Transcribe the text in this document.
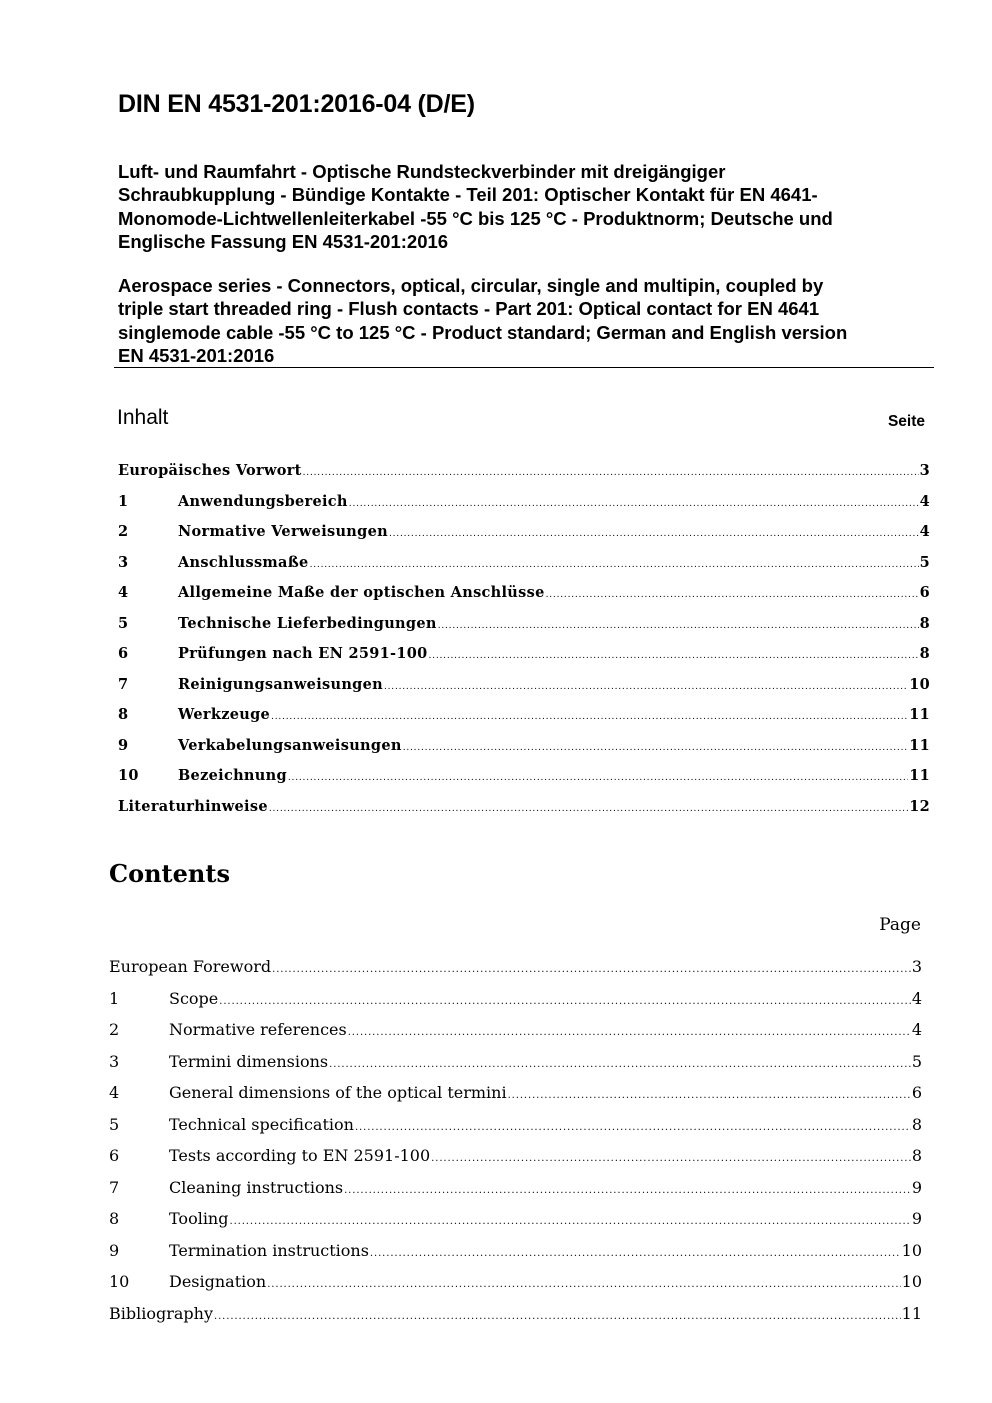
DIN EN 4531-201:2016-04 (D/E)

Luft- und Raumfahrt - Optische Rundsteckverbinder mit dreigängiger
Schraubkupplung - Bündige Kontakte - Teil 201: Optischer Kontakt für EN 4641-
Monomode-Lichtwellenleiterkabel -55 °C bis 125 °C - Produktnorm; Deutsche und
Englische Fassung EN 4531-201:2016

Aerospace series - Connectors, optical, circular, single and multipin, coupled by
triple start threaded ring - Flush contacts - Part 201: Optical contact for EN 4641
singlemode cable -55 °C to 125 °C - Product standard; German and English version
EN 4531-201:2016

Inhalt	Seite
Europäisches Vorwort .....	3
1	Anwendungsbereich .....	4
2	Normative Verweisungen .....	4
3	Anschlussmaße .....	5
4	Allgemeine Maße der optischen Anschlüsse .....	6
5	Technische Lieferbedingungen .....	8
6	Prüfungen nach EN 2591-100 .....	8
7	Reinigungsanweisungen .....	10
8	Werkzeuge .....	11
9	Verkabelungsanweisungen .....	11
10	Bezeichnung .....	11
Literaturhinweise .....	12
Contents
Page
European Foreword .....	3
1	Scope .....	4
2	Normative references .....	4
3	Termini dimensions .....	5
4	General dimensions of the optical termini .....	6
5	Technical specification .....	8
6	Tests according to EN 2591-100 .....	8
7	Cleaning instructions .....	9
8	Tooling .....	9
9	Termination instructions .....	10
10	Designation .....	10
Bibliography .....	11
